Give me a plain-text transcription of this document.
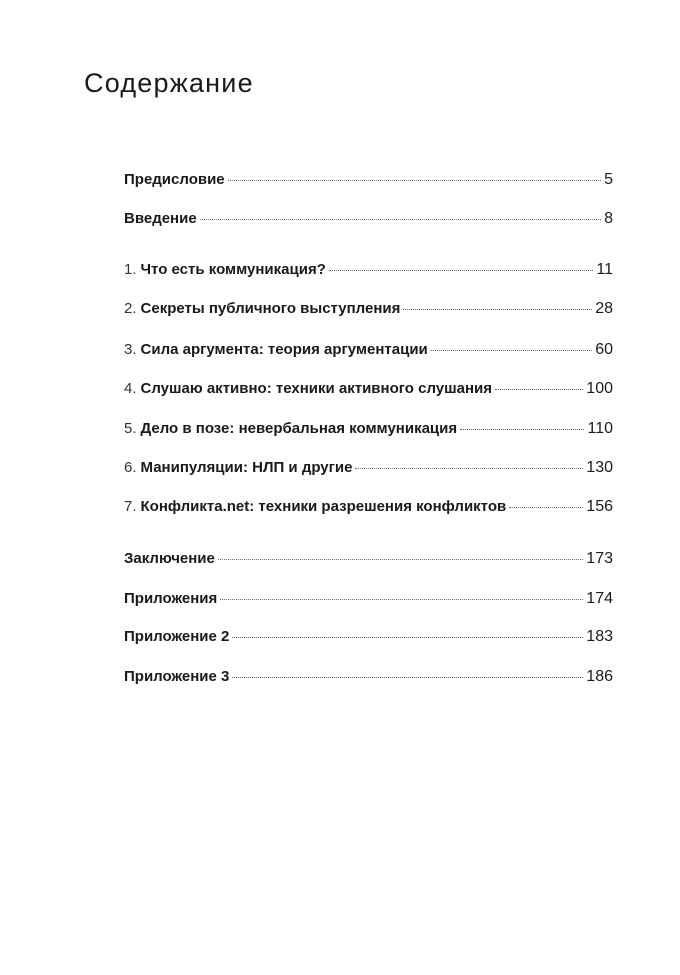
Содержание
Предисловие	5
Введение	8
1. Что есть коммуникация?	11
2. Секреты публичного выступления	28
3. Сила аргумента: теория аргументации	60
4. Слушаю активно: техники активного слушания	100
5. Дело в позе: невербальная коммуникация	110
6. Манипуляции: НЛП и другие	130
7. Конфликта.net: техники разрешения конфликтов	156
Заключение	173
Приложения	174
Приложение 2	183
Приложение 3	186
